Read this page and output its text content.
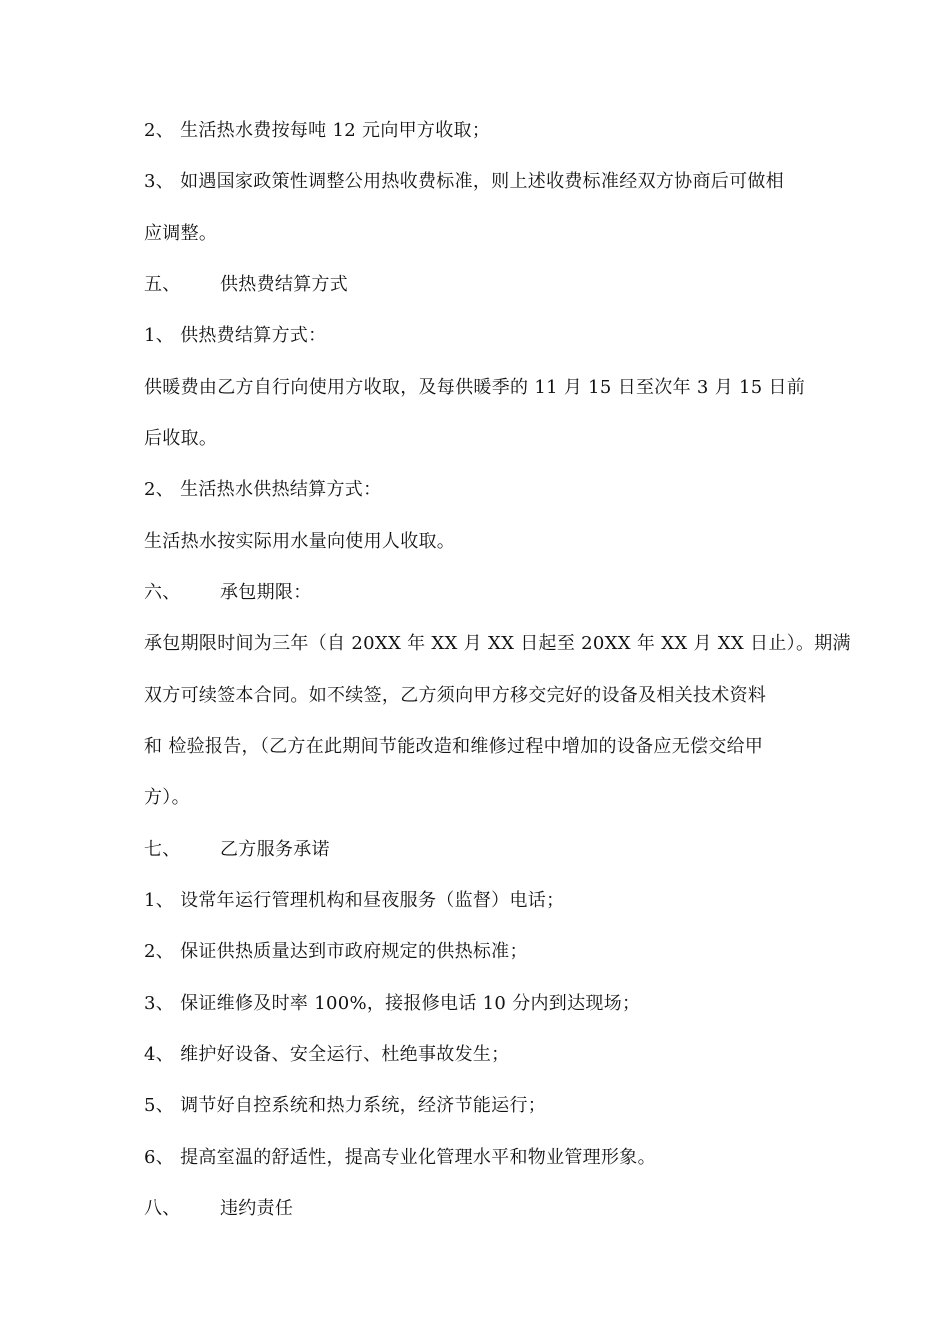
2、 生活热水费按每吨 12 元向甲方收取；
3、 如遇国家政策性调整公用热收费标准，则上述收费标准经双方协商后可做相
应调整。
五、 供热费结算方式
1、 供热费结算方式：
供暖费由乙方自行向使用方收取，及每供暖季的 11 月 15 日至次年 3 月 15 日前
后收取。
2、 生活热水供热结算方式：
生活热水按实际用水量向使用人收取。
六、 承包期限：
承包期限时间为三年（自 20XX 年 XX 月 XX 日起至 20XX 年 XX 月 XX 日止）。期满
双方可续签本合同。如不续签，乙方须向甲方移交完好的设备及相关技术资料
和 检验报告，（乙方在此期间节能改造和维修过程中增加的设备应无偿交给甲
方）。
七、 乙方服务承诺
1、 设常年运行管理机构和昼夜服务（监督）电话；
2、 保证供热质量达到市政府规定的供热标准；
3、 保证维修及时率 100%，接报修电话 10 分内到达现场；
4、 维护好设备、安全运行、杜绝事故发生；
5、 调节好自控系统和热力系统，经济节能运行；
6、 提高室温的舒适性，提高专业化管理水平和物业管理形象。
八、 违约责任
